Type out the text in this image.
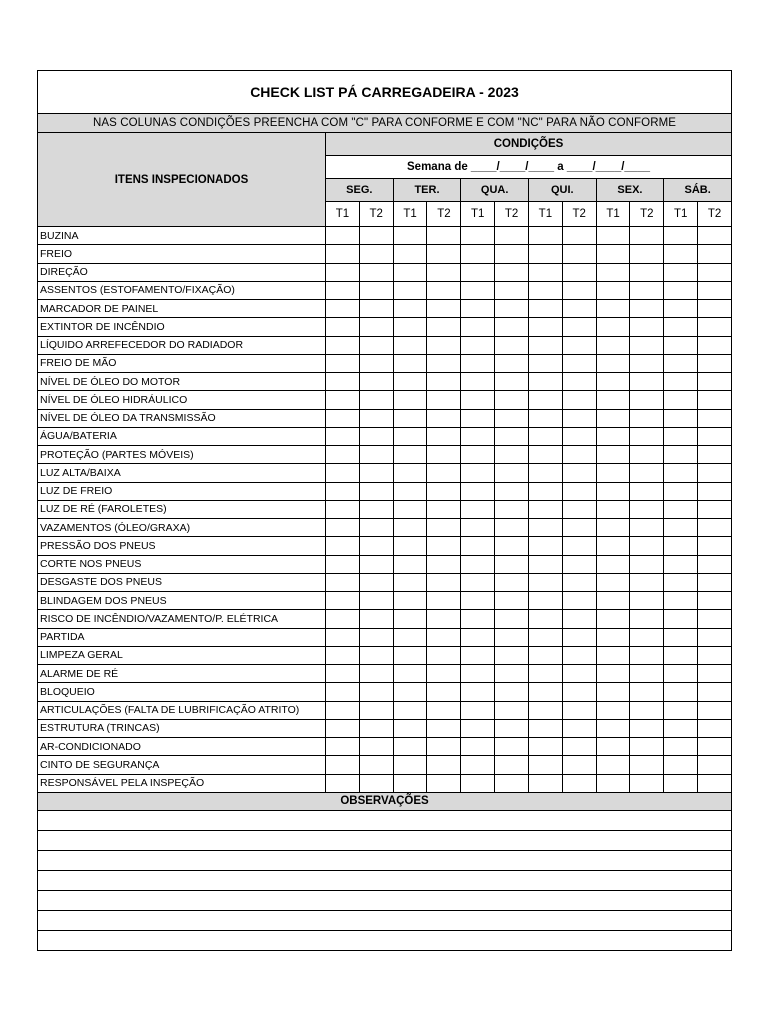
CHECK LIST PÁ CARREGADEIRA - 2023												
NAS COLUNAS CONDIÇÕES PREENCHA COM "C" PARA CONFORME E COM "NC" PARA NÃO CONFORME												
ITENS INSPECIONADOS	CONDIÇÕES											
	Semana de ____/____/____ a ____/____/____											
	SEG.		TER.		QUA.		QUI.		SEX.		SÁB.	
	T1	T2	T1	T2	T1	T2	T1	T2	T1	T2	T1	T2
BUZINA												
FREIO												
DIREÇÃO												
ASSENTOS (ESTOFAMENTO/FIXAÇÃO)												
MARCADOR DE PAINEL												
EXTINTOR DE INCÊNDIO												
LÍQUIDO ARREFECEDOR DO RADIADOR												
FREIO DE MÃO												
NÍVEL DE ÓLEO DO MOTOR												
NÍVEL DE ÓLEO HIDRÁULICO												
NÍVEL DE ÓLEO DA TRANSMISSÃO												
ÁGUA/BATERIA												
PROTEÇÃO (PARTES MÓVEIS)												
LUZ ALTA/BAIXA												
LUZ DE FREIO												
LUZ DE RÉ (FAROLETES)												
VAZAMENTOS (ÓLEO/GRAXA)												
PRESSÃO DOS PNEUS												
CORTE NOS PNEUS												
DESGASTE DOS PNEUS												
BLINDAGEM DOS PNEUS												
RISCO DE INCÊNDIO/VAZAMENTO/P. ELÉTRICA												
PARTIDA												
LIMPEZA GERAL												
ALARME DE RÉ												
BLOQUEIO												
ARTICULAÇÕES (FALTA DE LUBRIFICAÇÃO ATRITO)												
ESTRUTURA (TRINCAS)												
AR-CONDICIONADO												
CINTO DE SEGURANÇA												
RESPONSÁVEL PELA INSPEÇÃO												
OBSERVAÇÕES												
